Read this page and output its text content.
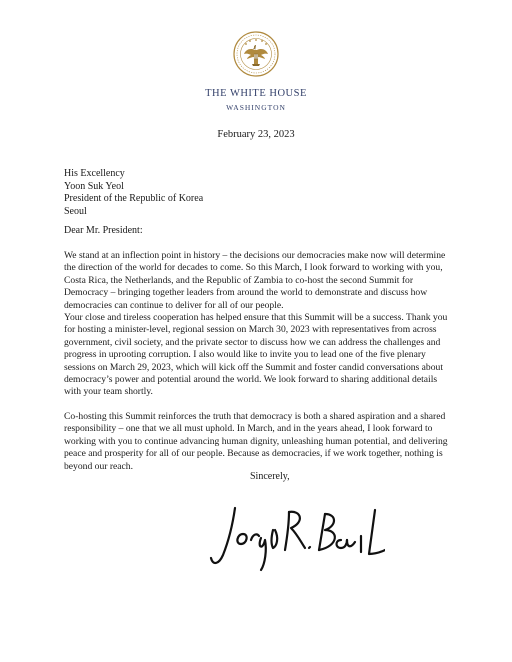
THE WHITE HOUSE
WASHINGTON
February 23, 2023
His Excellency
Yoon Suk Yeol
President of the Republic of Korea
Seoul
Dear Mr. President:

We stand at an inflection point in history – the decisions our democracies make now will determine the direction of the world for decades to come. So this March, I look forward to working with you, Costa Rica, the Netherlands, and the Republic of Zambia to co-host the second Summit for Democracy – bringing together leaders from around the world to demonstrate and discuss how democracies can continue to deliver for all of our people.

Your close and tireless cooperation has helped ensure that this Summit will be a success. Thank you for hosting a minister-level, regional session on March 30, 2023 with representatives from across government, civil society, and the private sector to discuss how we can address the challenges and progress in uprooting corruption. I also would like to invite you to lead one of the five plenary sessions on March 29, 2023, which will kick off the Summit and foster candid conversations about democracy’s power and potential around the world. We look forward to sharing additional details with your team shortly.

Co-hosting this Summit reinforces the truth that democracy is both a shared aspiration and a shared responsibility – one that we all must uphold. In March, and in the years ahead, I look forward to working with you to continue advancing human dignity, unleashing human potential, and delivering peace and prosperity for all of our people. Because as democracies, if we work together, nothing is beyond our reach.

Sincerely,
